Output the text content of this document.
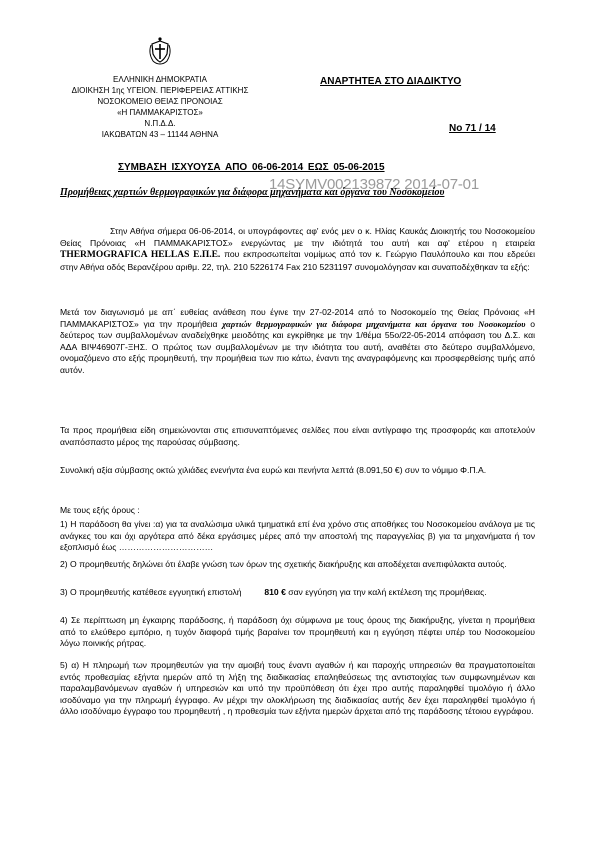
ΕΛΛΗΝΙΚΗ ΔΗΜΟΚΡΑΤΙΑ
ΔΙΟΙΚΗΣΗ 1ης ΥΓΕΙΟΝ. ΠΕΡΙΦΕΡΕΙΑΣ ΑΤΤΙΚΗΣ
ΝΟΣΟΚΟΜΕΙΟ ΘΕΙΑΣ ΠΡΟΝΟΙΑΣ
«Η ΠΑΜΜΑΚΑΡΙΣΤΟΣ»
Ν.Π.Δ.Δ.
ΙΑΚΩΒΑΤΩΝ 43 – 11144 ΑΘΗΝΑ
ΑΝΑΡΤΗΤΕΑ ΣΤΟ ΔΙΑΔΙΚΤΥΟ
Νο 71 / 14
ΣΥΜΒΑΣΗ ΙΣΧΥΟΥΣΑ ΑΠΟ 06-06-2014 ΕΩΣ 05-06-2015
14SYMV002139872 2014-07-01
Προμήθειας χαρτιών θερμογραφικών για διάφορα μηχανήματα και όργανα του Νοσοκομείου
Στην Αθήνα σήμερα 06-06-2014, οι υπογράφοντες αφ' ενός μεν ο κ. Ηλίας Καυκάς Διοικητής του Νοσοκομείου Θείας Πρόνοιας «Η ΠΑΜΜΑΚΑΡΙΣΤΟΣ» ενεργώντας με την ιδιότητά του αυτή και αφ' ετέρου η εταιρεία THERMOGRAFICA HELLAS Ε.Π.Ε. που εκπροσωπείται νομίμως από τον κ. Γεώργιο Παυλόπουλο και που εδρεύει στην Αθήνα οδός Βερανζέρου αριθμ. 22, τηλ. 210 5226174 Fax 210 5231197 συνομολόγησαν και συναποδέχθηκαν τα εξής:
Μετά τον διαγωνισμό με απ΄ ευθείας ανάθεση που έγινε την 27-02-2014 από το Νοσοκομείο της Θείας Πρόνοιας «Η ΠΑΜΜΑΚΑΡΙΣΤΟΣ» για την προμήθεια χαρτιών θερμογραφικών για διάφορα μηχανήματα και όργανα του Νοσοκομείου ο δεύτερος των συμβαλλομένων αναδείχθηκε μειοδότης και εγκρίθηκε με την 1/θέμα 55ο/22-05-2014 απόφαση του Δ.Σ. και ΑΔΑ ΒΙΨ46907Γ-ΞΗΣ. Ο πρώτος των συμβαλλομένων με την ιδιότητα του αυτή, αναθέτει στο δεύτερο συμβαλλόμενο, ονομαζόμενο στο εξής προμηθευτή, την προμήθεια των πιο κάτω, έναντι της αναγραφόμενης και προσφερθείσης τιμής από αυτόν.
Τα προς προμήθεια είδη σημειώνονται στις επισυναπτόμενες σελίδες που είναι αντίγραφο της προσφοράς και αποτελούν αναπόσπαστο μέρος της παρούσας σύμβασης.
Συνολική αξία σύμβασης οκτώ χιλιάδες ενενήντα ένα ευρώ και πενήντα λεπτά (8.091,50 €) συν το νόμιμο Φ.Π.Α.
Με τους εξής όρους :
1) Η παράδοση θα γίνει :α) για τα αναλώσιμα υλικά τμηματικά επί ένα χρόνο στις αποθήκες του Νοσοκομείου ανάλογα με τις ανάγκες του και όχι αργότερα από δέκα εργάσιμες μέρες από την αποστολή της παραγγελίας β) για τα μηχανήματα ή τον εξοπλισμό έως ……………………………
2) Ο προμηθευτής δηλώνει ότι έλαβε γνώση των όρων της σχετικής διακήρυξης και αποδέχεται ανεπιφύλακτα αυτούς.
3) Ο προμηθευτής κατέθεσε εγγυητική επιστολή	810 € σαν εγγύηση για την καλή εκτέλεση της προμήθειας.
4) Σε περίπτωση μη έγκαιρης παράδοσης, ή παράδοση όχι σύμφωνα με τους όρους της διακήρυξης, γίνεται η προμήθεια από το ελεύθερο εμπόριο, η τυχόν διαφορά τιμής βαραίνει τον προμηθευτή και η εγγύηση πέφτει υπέρ του Νοσοκομείου λόγω ποινικής ρήτρας.
5) α) Η πληρωμή των προμηθευτών για την αμοιβή τους έναντι αγαθών ή και παροχής υπηρεσιών θα πραγματοποιείται εντός προθεσμίας εξήντα ημερών από τη λήξη της διαδικασίας επαληθεύσεως της αντιστοιχίας των συμφωνημένων και παραλαμβανόμενων αγαθών ή υπηρεσιών και υπό την προϋπόθεση ότι έχει προ αυτής παραληφθεί τιμολόγιο ή άλλο ισοδύναμο για την πληρωμή έγγραφο. Αν μέχρι την ολοκλήρωση της διαδικασίας αυτής δεν έχει παραληφθεί τιμολόγιο ή άλλο ισοδύναμο έγγραφο του προμηθευτή , η προθεσμία των εξήντα ημερών άρχεται από της παράδοσης τέτοιου εγγράφου.
